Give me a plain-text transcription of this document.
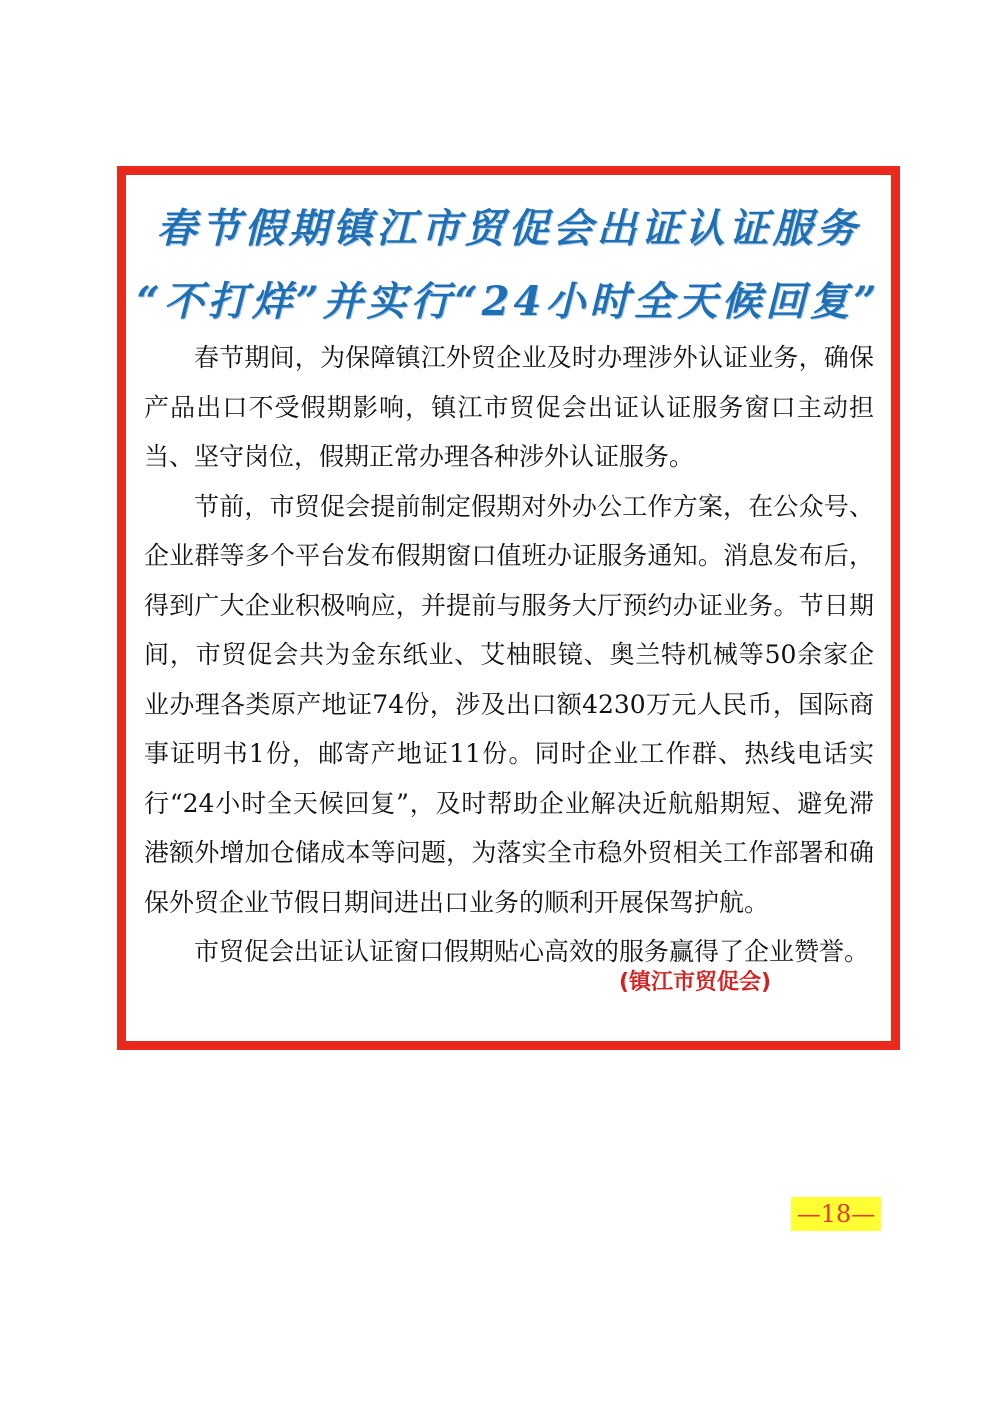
春节假期镇江市贸促会出证认证服务
“不打烊”并实行“24小时全天候回复”

春节期间，为保障镇江外贸企业及时办理涉外认证业务，确保产品出口不受假期影响，镇江市贸促会出证认证服务窗口主动担当、坚守岗位，假期正常办理各种涉外认证服务。

节前，市贸促会提前制定假期对外办公工作方案，在公众号、企业群等多个平台发布假期窗口值班办证服务通知。消息发布后，得到广大企业积极响应，并提前与服务大厅预约办证业务。节日期间，市贸促会共为金东纸业、艾柚眼镜、奥兰特机械等50余家企业办理各类原产地证74份，涉及出口额4230万元人民币，国际商事证明书1份，邮寄产地证11份。同时企业工作群、热线电话实行“24小时全天候回复”，及时帮助企业解决近航船期短、避免滞港额外增加仓储成本等问题，为落实全市稳外贸相关工作部署和确保外贸企业节假日期间进出口业务的顺利开展保驾护航。

市贸促会出证认证窗口假期贴心高效的服务赢得了企业赞誉。

(镇江市贸促会)
—18—
